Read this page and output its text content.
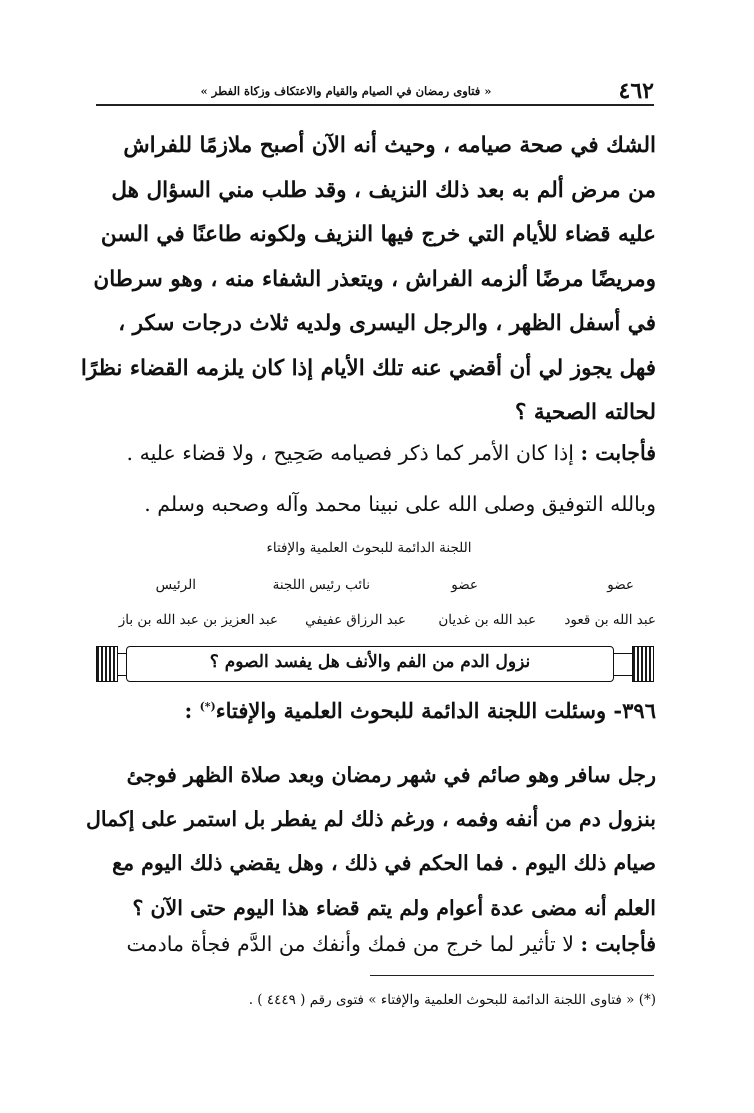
٤٦٢
« فتاوى رمضان في الصيام والقيام والاعتكاف وزكاة الفطر »
الشك في صحة صيامه ، وحيث أنه الآن أصبح ملازمًا للفراش
من مرض ألم به بعد ذلك النزيف ، وقد طلب مني السؤال هل
عليه قضاء للأيام التي خرج فيها النزيف ولكونه طاعنًا في السن
ومريضًا مرضًا ألزمه الفراش ، ويتعذر الشفاء منه ، وهو سرطان
في أسفل الظهر ، والرجل اليسرى ولديه ثلاث درجات سكر ،
فهل يجوز لي أن أقضي عنه تلك الأيام إذا كان يلزمه القضاء نظرًا
لحالته الصحية ؟
فأجابت : إذا كان الأمر كما ذكر فصيامه صَحِيح ، ولا قضاء عليه .
وبالله التوفيق وصلى الله على نبينا محمد وآله وصحبه وسلم .
اللجنة الدائمة للبحوث العلمية والإفتاء
عضو
عضو
نائب رئيس اللجنة
الرئيس
عبد الله بن قعود
عبد الله بن غديان
عبد الرزاق عفيفي
عبد العزيز بن عبد الله بن باز
نزول الدم من الفم والأنف هل يفسد الصوم ؟
٣٩٦- وسئلت اللجنة الدائمة للبحوث العلمية والإفتاء(*) :
رجل سافر وهو صائم في شهر رمضان وبعد صلاة الظهر فوجئ
بنزول دم من أنفه وفمه ، ورغم ذلك لم يفطر بل استمر على إكمال
صيام ذلك اليوم . فما الحكم في ذلك ، وهل يقضي ذلك اليوم مع
العلم أنه مضى عدة أعوام ولم يتم قضاء هذا اليوم حتى الآن ؟
فأجابت : لا تأثير لما خرج من فمك وأنفك من الدَّم فجأة مادمت
(*) « فتاوى اللجنة الدائمة للبحوث العلمية والإفتاء » فتوى رقم ( ٤٤٤٩ ) .
